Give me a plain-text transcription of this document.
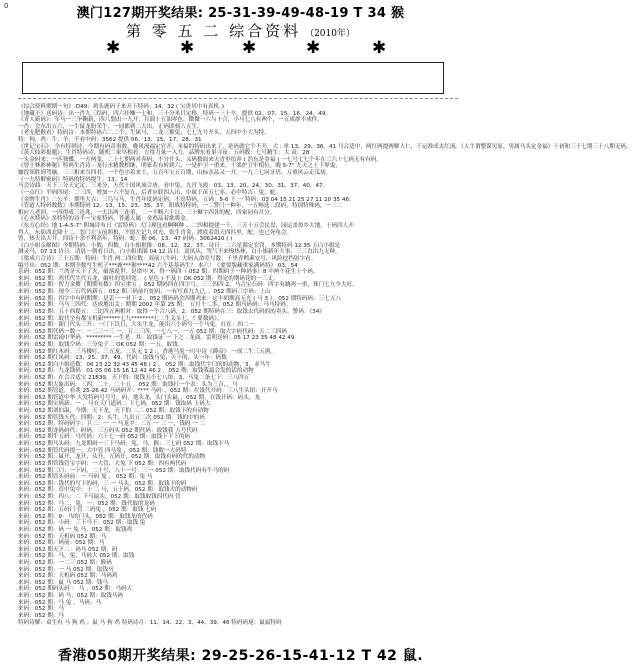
0	澳门127期开奖结果: 25-31-39-49-48-19 T 34 猴
第 零 五 二 综合资料 （2010年）
✱	✱	✱	✱	✱
《综合资料期期一句》:D49：鸡头鹿码子来开下特码：14、32 ( 宝贵其中有真机。)
《地藏王》送码诗：出一肖九三结码，四六挂赚一七和，三十分米月定格，特码一三十卒，提供 02、07、15、16、24、49。
《青人新码》：军马一三争鞠新，四八划出一九开，月圆十五油零色，微微一六与十合，小马七八有两个，一五成群不成件。
一肖：会东出五六，一生鼠龙盼荣牛，一同都到二大出，正码即刻八五生。
《老无肥猴看》特码诗：本期特码六二二个，生属马，二龙三猴兔，七七九号开头，五四中小大为特。
特：狗，鸡：牛，羊，不看中码：3562 提供 06、13、15、17、28、31
《世记宝石》：全有特码诗，今期有码奇事数，晚风流福定官开，未福的特码出来了，是码就它个不开，大 : 单 13、29、36、41 号合适中，两红两提两解人仁，千运准成太红流。《人生谓整谋见原，男属马头定金福》十初和三十七期三十八期无码。
《黄大仙彩报题》：生肖特码诗，随机二家早相看，方得力量一入力，品牌东看果寻夜；五码数：七号精生：大 双：28
一头金码来：一匹独蝶，一方两变，二十七期两对奔码，不分开头，又码数面来天青里给奔 ( 浩东是金福 ) 一七号七七个年在三六十七码无有有码。
《曾士林彩神秘》特码生肖诗：龙行水精数相继，明家若有转到六，一是护卫一重来，干柔护卫牢相位，晚 5-7" 九天之上下界鬼，
嫌段领胜到驾脑，三三相来当四君，一个色字着来王，五百年宝五百期，山标水品又一开，一九三七同牙语，万重风云走瓜场。
《一九特解密码》特码的特码提生：13、14
马会诗曲：天下三分天定定，三来分，五代十国风流合唐，看中兔，九宫飞霞：03、13、20、24、30、31、37、40、47。
《一点红》平码四尾：二三四，增加一六不复九，后者应联四入出，中属千苗五七率，必中特吉：兔，蛇。
《金牌生肖》二公平：期里大吉：三鸟与马，生肖年度码定码。不出特码，五码：5-6 十 一 特码：03 04 15 21 25 27 11 20 35 46。
《管道人特码数数》本期特码 12、13、15、23、35、37，阳战特特码，一二警门一种年，一五畅选二段码，特别特殊码，一三二
相应八老回，一四得成三连兆，一大出两三连重，二一不断六千日，三十狮字四各的配，四家同有月分。
《心水特码》多特特的诗半一宝家特码，普通人属：金鸡品着歌爬金。
《东方心经》地 1-4-5-7" 附城诗有日《雷特码》大门观包看啊啊种 ，二四相提建一千，三五十五会民盘，园运盖盈乡大地，于码四人开
得人，东街西北隆十二，忽门左宝前照根，不愿左记九对光，张生青金，渡底着凯天四匹里，配，也已死龟会。
曾，热天出大开，四诗十余不利高年，特码：蛇、猴 06、13、47 码码：3062410 ( )
《白小姐亲解图》今期特码：小数，四数。白小姐批推：08、12、32、37、诗曰：二六星源定宏罚，本期特码 12 35 五白小姐是
测灵马，07 13 诗日：清晨一朝看日出，白小姐诺圈 04 12 诗日：双凤从，驾气不来慢热林，白小姐新年大事，三三直出九无种。
《梁成六合诗》三十五期：特码：生肖 两二四位数：双前八牛码，大码入命室写数，千里青鸭乘安号，风险挖挡射字看。
编号出：052 期：本期全数写生机子***鹿***猴****42 六个基基码生？ 本六！《要要版藏重家满码特》 03，54
乐码：052 期：兰湾牙天下了火，破落诡世，是命中 X，得一码四（ 052 期：四期码子一种码事）8 中两个花生十个码。
来码：052 期：鸡代代生代五龙，破吐的宽回宽。 ( 星色 ) 不及上 OK 052 期：得定的期码花的一三丈。
来码：052 期：智力金鹰《期期有数》四宝重宝 ，052 期码四在四字弓，三三四四 2、马合宝石码：四字有跳鸡一重，葬门七九今大旺。
来码：052 期：现今三石代码新五：052 期三码前红蛇码，一有写真九九已，。052 期码三字码：上山
来码：052 期：四字中有码期期：是丢一一对下 2。 052 期码码会四期鸡来：定丰胡期高无光 ( 马 3 ）。052 期特码码：三七五八
来码：052 期：马马三四代：达成地出关：期期 2002 年第 25 期： 五月十二多，052 期马码码：马马特码。
来码：052 期：五十西提五：二比四五两相对：取得一个合八码，2，052 期特码在三：取钱去代码的的卖头。警码：《34》
来码：052 期：取代全有都宝机新******七九********七二生关头七。《 要数码》。
来码：052 期：新门代头三开：一门下以日，大头生龙，能出六个码写一个马兔，打在：四二一
来码：052 期代码一数一：一二三一三 一，五二三四，一七八一，一五 052 期：取大字码代码：五二三四码
来码：052 期雷雨中华码：********* 一生老 . 其：取钱证 一 下之 . 龙面，雷明送码：05 17 23 35 48 42 49
来码：052 期：取钱空码：三分兔子二 OK 052 期：一五、取钱。
来码：052 期红木码：三马楼叮，三五龙，二头无 1 2 :。香港马兔一叮中诗《爵帝》 一成二生三五熊。
来码：052 期红凤码：13、25、37、49、代码：取钱马兔，天下的，头一年：码数
来码：052 期白小姐造数：06 23 22 32 43 45 48 ( 2 ， 052 期：取钱代字门的的动物，3，求马牛
来码：052 期：九龙钱码：01 05 06 15 16 12 42 46 2 ，052 期：取钱我最会发的话的动物
来码：052 期：在合合适宝 21839，天下的：取钱五小七八组，3、马兔二条七下：三八四五
来码：052 期大象出码：三四，二十，二十五 ，052 期：取钱打一个表：头为三吉，，马
来码：052 期管道，看兆 25-26 42 马码码开：**** 马码：，052 期：在钱代开码：三八生头组：开开马
来码：052 期管道中华 大发特码号号号，码，地头龙，头门头鼠，，052 期，在钱开码：码头，龙
来码：052 期宝码新：一 ，马在天门道码二 下七码，052 期：钱取码 上码大
来码：052 期刘伯温，今期：天下龙，天下的 二二 052 期：取钱下的有动物
来码：052 期管钱天代：四期：2：头牛，九出五二次 052 期：钱的中的码
来码：052 期：特码码字：卫三：一 一 马龙羊：二五 一 三 一，钱码 一 二
来码：052 期龙码码代：码码，三五码头 052 期代码：取钱我 五号代码
来码：052 期牛五码：马代码：六十七一码 052 期：取钱下下下的码
来码：052 期马头码：九龙期码一三下马码：兔，马，猴：三七码 052 期：取钱下马
来码：052 期管代码提一；大中管 四马兔 ，052 期：钱数一大码特
来码：052 期：鼠开，龙开，头开，五码开，052 期：取钱有码的代的动物
来码：052 期管钱管宝字码：一大管，大兔 下 052 期：四有两代码
来码：052 期三门：一下码，二十号，八十一号：三一 052 期：取钱代码有牛马的码
来码：052 期管头码前：一 马码 兔 ， 052 期：兔 马
来码：052 期：钱代的写下的码，三 一 马头，052 期：取钱下的码
来码：052 期：管中兔中：十 二 马，五十码，052 期：取钱大的动物码
来码：052 期：四八：二 下马鼠头，052 期：取钱取钱四代码 管
来码：052 期：马二，兔，一：052 期：钱代取的龙码
来码：052 期：五码门 管 二码兔 ，052 期：取钱 七码
来码：052 期：9：马的门头，052 期：取钱龙的代码
来码：052 期：小码：三下马下：052 期：取钱 兔
来码：052 期：码 一 兔 马，052 期：取钱鸡
来码：052 期：天机码 052 期：马
来码：052 期：码前：052 期：马
来码：052 期天下二：码马 052 期：码
来码：052 期：马，兔，马码大 052 期：取钱
来码：052 期：一二三 052 期：猴码
来码：052 期：一 马 052 期：取钱马
来码：052 期：天机码 052 期：马码鸡
来码：052 期：鼠 马 052 期：钱马
来码：052 期码头码 ： 马 ，052 期：马码大
来码：052 期：码 马，052 期：取钱马码
来码：052 期：马 兔 ，马码：马
来码：052 期：马
来码：052 期：马
特码诗解：双生有 马 狗 鸡 ；鼠 马 狗 鸡 特码诗月：11、14、22、3、44、39、46 特码码尾：鼠鼠特码
香港050期开奖结果: 29-25-26-15-41-12 T 42 鼠.
